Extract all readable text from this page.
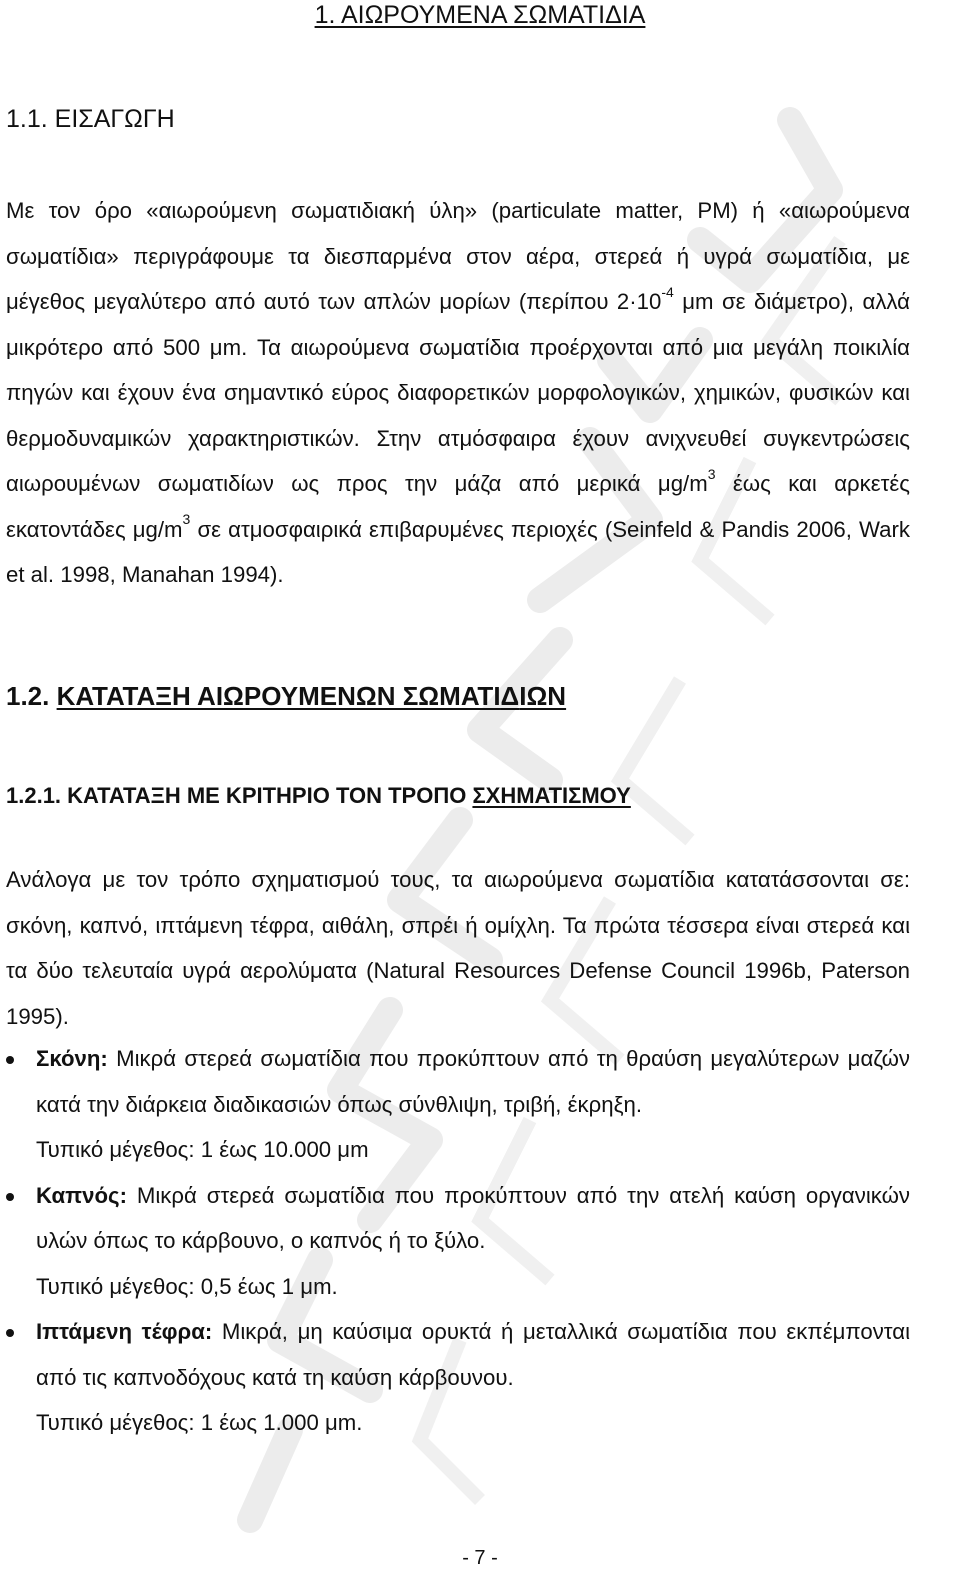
1. ΑΙΩΡΟΥΜΕΝΑ ΣΩΜΑΤΙΔΙΑ
1.1. ΕΙΣΑΓΩΓΗ

Με τον όρο «αιωρούμενη σωματιδιακή ύλη» (particulate matter, PM) ή «αιωρούμενα σωματίδια» περιγράφουμε τα διεσπαρμένα στον αέρα, στερεά ή υγρά σωματίδια, με μέγεθος μεγαλύτερο από αυτό των απλών μορίων (περίπου $2\cdot 10^{-4}$ μm σε διάμετρο), αλλά μικρότερο από 500 μm. Τα αιωρούμενα σωματίδια προέρχονται από μια μεγάλη ποικιλία πηγών και έχουν ένα σημαντικό εύρος διαφορετικών μορφολογικών, χημικών, φυσικών και θερμοδυναμικών χαρακτηριστικών. Στην ατμόσφαιρα έχουν ανιχνευθεί συγκεντρώσεις αιωρουμένων σωματιδίων ως προς την μάζα από μερικά $\mu g/m^3$ έως και αρκετές εκατοντάδες $\mu g/m^3$ σε ατμοσφαιρικά επιβαρυμένες περιοχές (Seinfeld & Pandis 2006, Wark et al. 1998, Manahan 1994).

1.2. ΚΑΤΑΤΑΞΗ ΑΙΩΡΟΥΜΕΝΩΝ ΣΩΜΑΤΙΔΙΩΝ
1.2.1. ΚΑΤΑΤΑΞΗ ΜΕ ΚΡΙΤΗΡΙΟ ΤΟΝ ΤΡΟΠΟ ΣΧΗΜΑΤΙΣΜΟΥ

Ανάλογα με τον τρόπο σχηματισμού τους, τα αιωρούμενα σωματίδια κατατάσσονται σε: σκόνη, καπνό, ιπτάμενη τέφρα, αιθάλη, σπρέι ή ομίχλη. Τα πρώτα τέσσερα είναι στερεά και τα δύο τελευταία υγρά αερολύματα (Natural Resources Defense Council 1996b, Paterson 1995).

Σκόνη: Μικρά στερεά σωματίδια που προκύπτουν από τη θραύση μεγαλύτερων μαζών κατά την διάρκεια διαδικασιών όπως σύνθλιψη, τριβή, έκρηξη.
Τυπικό μέγεθος: 1 έως 10.000 μm
Καπνός: Μικρά στερεά σωματίδια που προκύπτουν από την ατελή καύση οργανικών υλών όπως το κάρβουνο, ο καπνός ή το ξύλο.
Τυπικό μέγεθος: 0,5 έως 1 μm.
Ιπτάμενη τέφρα: Μικρά, μη καύσιμα ορυκτά ή μεταλλικά σωματίδια που εκπέμπονται από τις καπνοδόχους κατά τη καύση κάρβουνου.
Τυπικό μέγεθος: 1 έως 1.000 μm.
- 7 -
